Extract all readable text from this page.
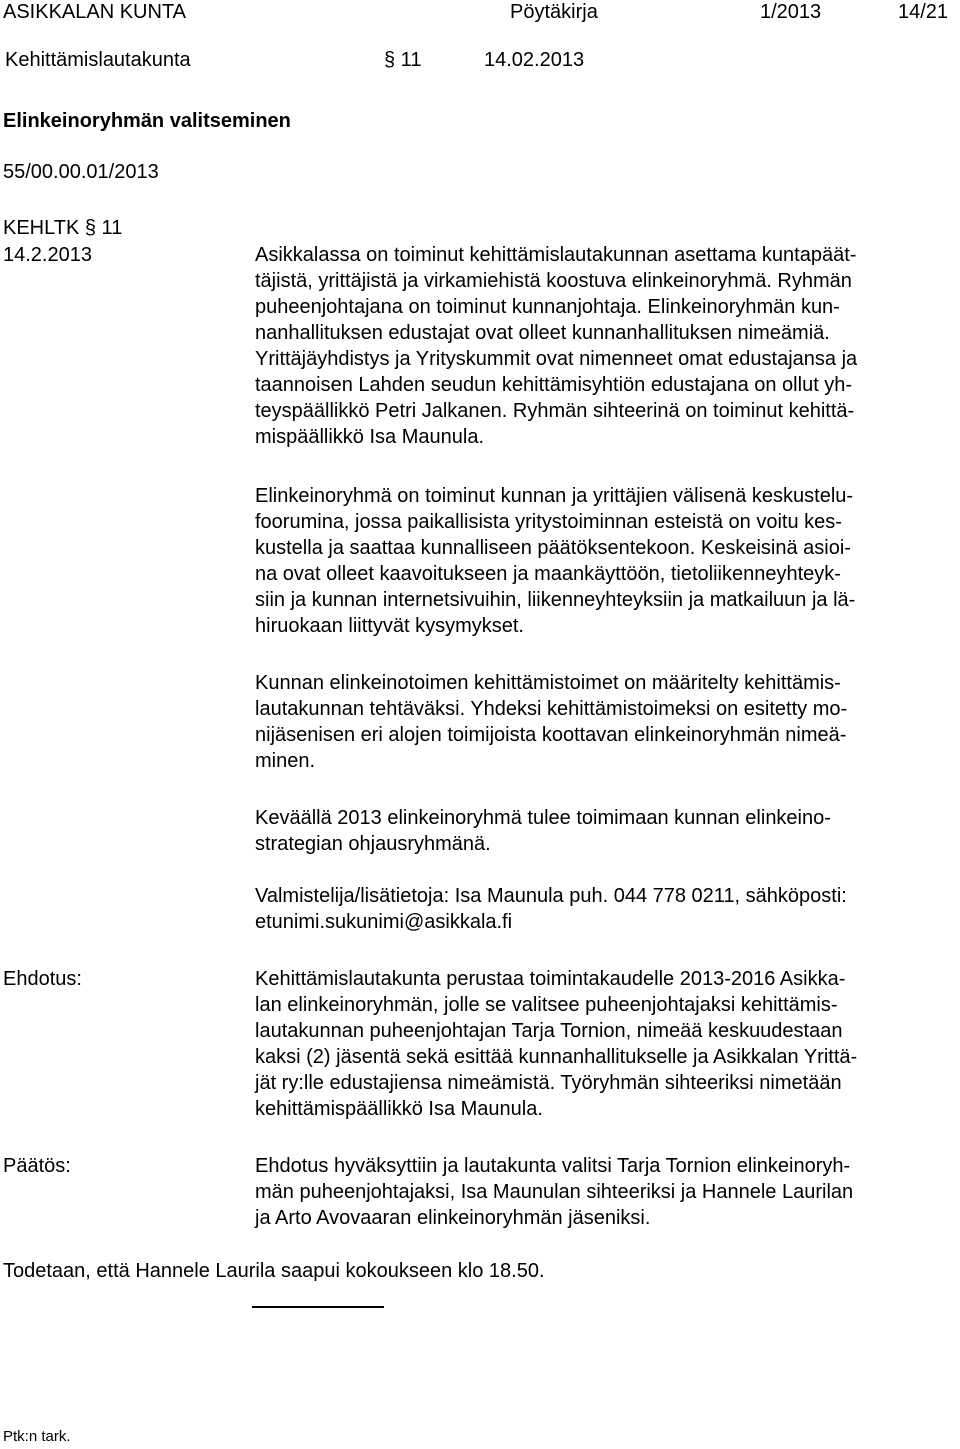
ASIKKALAN KUNTA	Pöytäkirja	1/2013	14/21
Kehittämislautakunta	§ 11	14.02.2013
Elinkeinoryhmän valitseminen
55/00.00.01/2013
KEHLTK § 11
14.2.2013	Asikkalassa on toiminut kehittämislautakunnan asettama kuntapäät-
täjistä, yrittäjistä ja virkamiehistä koostuva elinkeinoryhmä. Ryhmän
puheenjohtajana on toiminut kunnanjohtaja. Elinkeinoryhmän kun-
nanhallituksen edustajat ovat olleet kunnanhallituksen nimeämiä.
Yrittäjäyhdistys ja Yrityskummit ovat nimenneet omat edustajansa ja
taannoisen Lahden seudun kehittämisyhtiön edustajana on ollut yh-
teyspäällikkö Petri Jalkanen. Ryhmän sihteerinä on toiminut kehittä-
mispäällikkö Isa Maunula.
Elinkeinoryhmä on toiminut kunnan ja yrittäjien välisenä keskustelu-
foorumina, jossa paikallisista yritystoiminnan esteistä on voitu kes-
kustella ja saattaa kunnalliseen päätöksentekoon. Keskeisinä asioi-
na ovat olleet kaavoitukseen ja maankäyttöön, tietoliikenneyhteyk-
siin ja kunnan internetsivuihin, liikenneyhteyksiin ja matkailuun ja lä-
hiruokaan liittyvät kysymykset.
Kunnan elinkeinotoimen kehittämistoimet on määritelty kehittämis-
lautakunnan tehtäväksi. Yhdeksi kehittämistoimeksi on esitetty mo-
nijäsenisen eri alojen toimijoista koottavan elinkeinoryhmän nimeä-
minen.
Keväällä 2013 elinkeinoryhmä tulee toimimaan kunnan elinkeino-
strategian ohjausryhmänä.
Valmistelija/lisätietoja: Isa Maunula puh. 044 778 0211, sähköposti:
etunimi.sukunimi@asikkala.fi
Ehdotus:	Kehittämislautakunta perustaa toimintakaudelle 2013-2016 Asikka-
lan elinkeinoryhmän, jolle se valitsee puheenjohtajaksi kehittämis-
lautakunnan puheenjohtajan Tarja Tornion, nimeää keskuudestaan
kaksi (2) jäsentä sekä esittää kunnanhallitukselle ja Asikkalan Yrittä-
jät ry:lle edustajiensa nimeämistä. Työryhmän sihteeriksi nimetään
kehittämispäällikkö Isa Maunula.
Päätös:	Ehdotus hyväksyttiin ja lautakunta valitsi Tarja Tornion elinkeinoryh-
män puheenjohtajaksi, Isa Maunulan sihteeriksi ja Hannele Laurilan
ja Arto Avovaaran elinkeinoryhmän jäseniksi.
Todetaan, että Hannele Laurila saapui kokoukseen klo 18.50.
Ptk:n tark.
